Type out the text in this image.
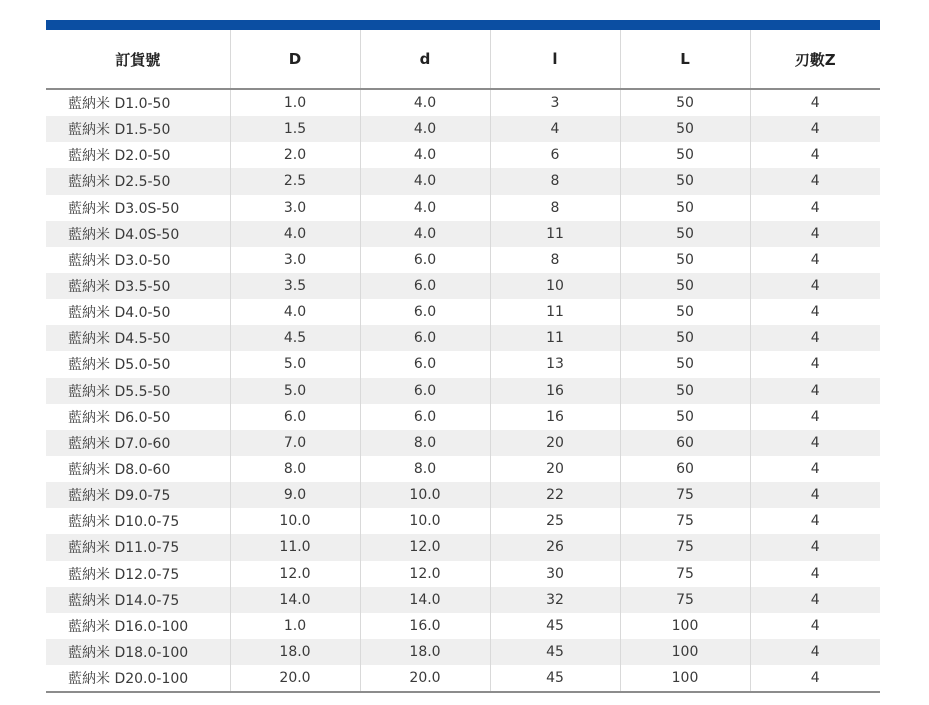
訂貨號	D	d	l	L	刃數Z
藍納米 D1.0-50	1.0	4.0	3	50	4
藍納米 D1.5-50	1.5	4.0	4	50	4
藍納米 D2.0-50	2.0	4.0	6	50	4
藍納米 D2.5-50	2.5	4.0	8	50	4
藍納米 D3.0S-50	3.0	4.0	8	50	4
藍納米 D4.0S-50	4.0	4.0	11	50	4
藍納米 D3.0-50	3.0	6.0	8	50	4
藍納米 D3.5-50	3.5	6.0	10	50	4
藍納米 D4.0-50	4.0	6.0	11	50	4
藍納米 D4.5-50	4.5	6.0	11	50	4
藍納米 D5.0-50	5.0	6.0	13	50	4
藍納米 D5.5-50	5.0	6.0	16	50	4
藍納米 D6.0-50	6.0	6.0	16	50	4
藍納米 D7.0-60	7.0	8.0	20	60	4
藍納米 D8.0-60	8.0	8.0	20	60	4
藍納米 D9.0-75	9.0	10.0	22	75	4
藍納米 D10.0-75	10.0	10.0	25	75	4
藍納米 D11.0-75	11.0	12.0	26	75	4
藍納米 D12.0-75	12.0	12.0	30	75	4
藍納米 D14.0-75	14.0	14.0	32	75	4
藍納米 D16.0-100	1.0	16.0	45	100	4
藍納米 D18.0-100	18.0	18.0	45	100	4
藍納米 D20.0-100	20.0	20.0	45	100	4
